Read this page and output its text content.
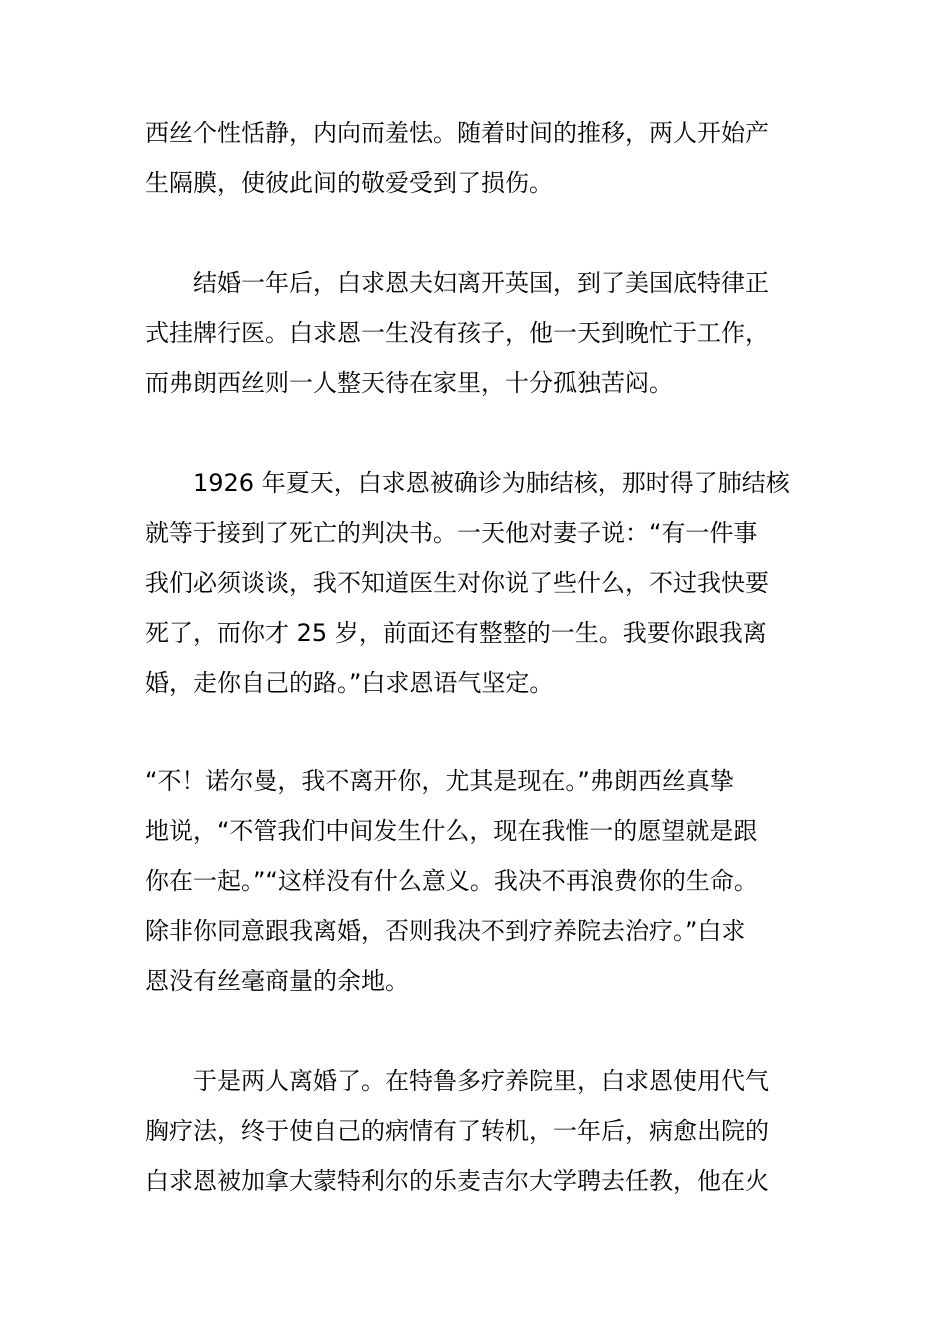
西丝个性恬静，内向而羞怯。随着时间的推移，两人开始产
生隔膜，使彼此间的敬爱受到了损伤。
结婚一年后，白求恩夫妇离开英国，到了美国底特律正
式挂牌行医。白求恩一生没有孩子，他一天到晚忙于工作，
而弗朗西丝则一人整天待在家里，十分孤独苦闷。
1926 年夏天，白求恩被确诊为肺结核，那时得了肺结核
就等于接到了死亡的判决书。一天他对妻子说：“有一件事
我们必须谈谈，我不知道医生对你说了些什么，不过我快要
死了，而你才 25 岁，前面还有整整的一生。我要你跟我离
婚，走你自己的路。”白求恩语气坚定。
“不！诺尔曼，我不离开你，尤其是现在。”弗朗西丝真挚
地说，“不管我们中间发生什么，现在我惟一的愿望就是跟
你在一起。”“这样没有什么意义。我决不再浪费你的生命。
除非你同意跟我离婚，否则我决不到疗养院去治疗。”白求
恩没有丝毫商量的余地。
于是两人离婚了。在特鲁多疗养院里，白求恩使用代气
胸疗法，终于使自己的病情有了转机，一年后，病愈出院的
白求恩被加拿大蒙特利尔的乐麦吉尔大学聘去任教，他在火
